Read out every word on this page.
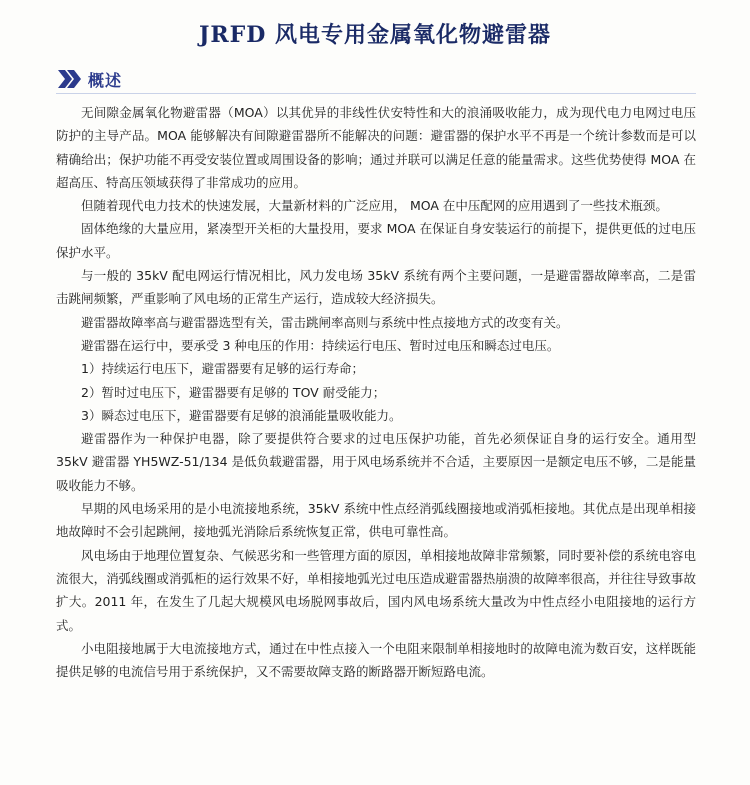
JRFD 风电专用金属氧化物避雷器
概述

无间隙金属氧化物避雷器（MOA）以其优异的非线性伏安特性和大的浪涌吸收能力，成为现代电力电网过电压防护的主导产品。MOA 能够解决有间隙避雷器所不能解决的问题：避雷器的保护水平不再是一个统计参数而是可以精确给出；保护功能不再受安装位置或周围设备的影响；通过并联可以满足任意的能量需求。这些优势使得 MOA 在超高压、特高压领域获得了非常成功的应用。

但随着现代电力技术的快速发展，大量新材料的广泛应用， MOA 在中压配网的应用遇到了一些技术瓶颈。

固体绝缘的大量应用，紧凑型开关柜的大量投用，要求 MOA 在保证自身安装运行的前提下，提供更低的过电压保护水平。

与一般的 35kV 配电网运行情况相比，风力发电场 35kV 系统有两个主要问题，一是避雷器故障率高，二是雷击跳闸频繁，严重影响了风电场的正常生产运行，造成较大经济损失。

避雷器故障率高与避雷器选型有关，雷击跳闸率高则与系统中性点接地方式的改变有关。

避雷器在运行中，要承受 3 种电压的作用：持续运行电压、暂时过电压和瞬态过电压。

1）持续运行电压下，避雷器要有足够的运行寿命；

2）暂时过电压下，避雷器要有足够的 TOV 耐受能力；

3）瞬态过电压下，避雷器要有足够的浪涌能量吸收能力。

避雷器作为一种保护电器，除了要提供符合要求的过电压保护功能，首先必须保证自身的运行安全。通用型 35kV 避雷器 YH5WZ-51/134 是低负载避雷器，用于风电场系统并不合适，主要原因一是额定电压不够，二是能量吸收能力不够。

早期的风电场采用的是小电流接地系统，35kV 系统中性点经消弧线圈接地或消弧柜接地。其优点是出现单相接地故障时不会引起跳闸，接地弧光消除后系统恢复正常，供电可靠性高。

风电场由于地理位置复杂、气候恶劣和一些管理方面的原因，单相接地故障非常频繁，同时要补偿的系统电容电流很大，消弧线圈或消弧柜的运行效果不好，单相接地弧光过电压造成避雷器热崩溃的故障率很高，并往往导致事故扩大。2011 年，在发生了几起大规模风电场脱网事故后，国内风电场系统大量改为中性点经小电阻接地的运行方式。

小电阻接地属于大电流接地方式，通过在中性点接入一个电阻来限制单相接地时的故障电流为数百安，这样既能提供足够的电流信号用于系统保护，又不需要故障支路的断路器开断短路电流。
